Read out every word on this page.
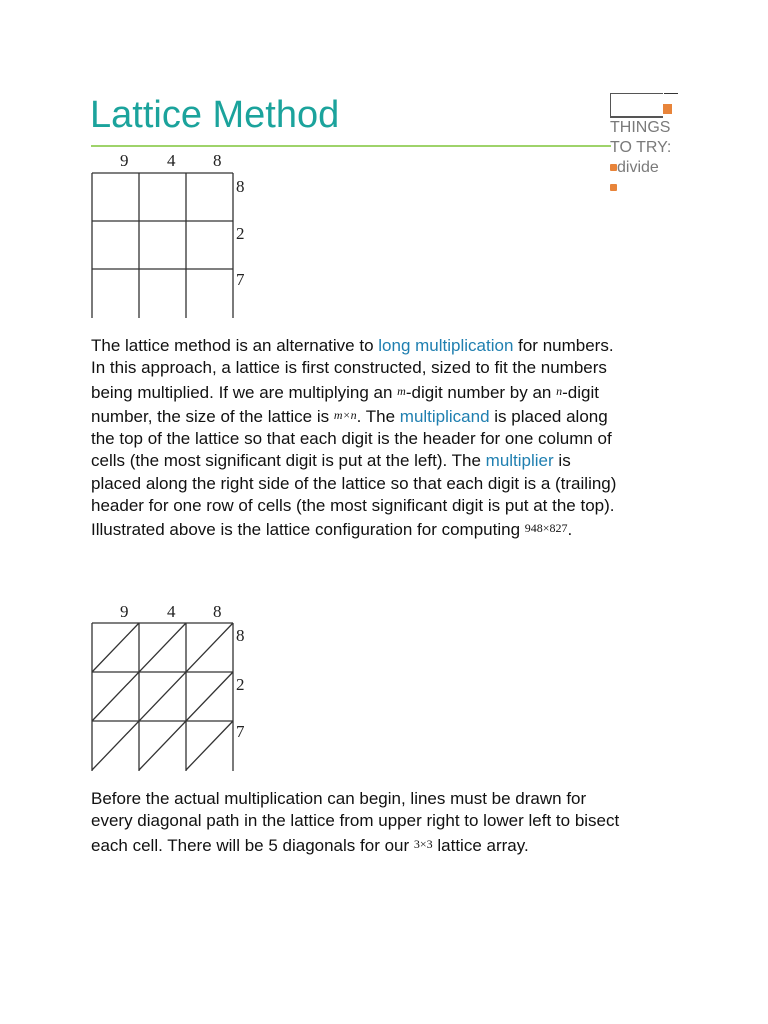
Lattice Method	THINGS
TO TRY:
divide
9 4 8
8
2
7
The lattice method is an alternative to long multiplication for numbers. In this approach, a lattice is first constructed, sized to fit the numbers being multiplied. If we are multiplying an m-digit number by an n-digit number, the size of the lattice is m×n. The multiplicand is placed along the top of the lattice so that each digit is the header for one column of cells (the most significant digit is put at the left). The multiplier is placed along the right side of the lattice so that each digit is a (trailing) header for one row of cells (the most significant digit is put at the top). Illustrated above is the lattice configuration for computing 948×827.
9 4 8
8
2
7
Before the actual multiplication can begin, lines must be drawn for every diagonal path in the lattice from upper right to lower left to bisect each cell. There will be 5 diagonals for our 3×3 lattice array.
